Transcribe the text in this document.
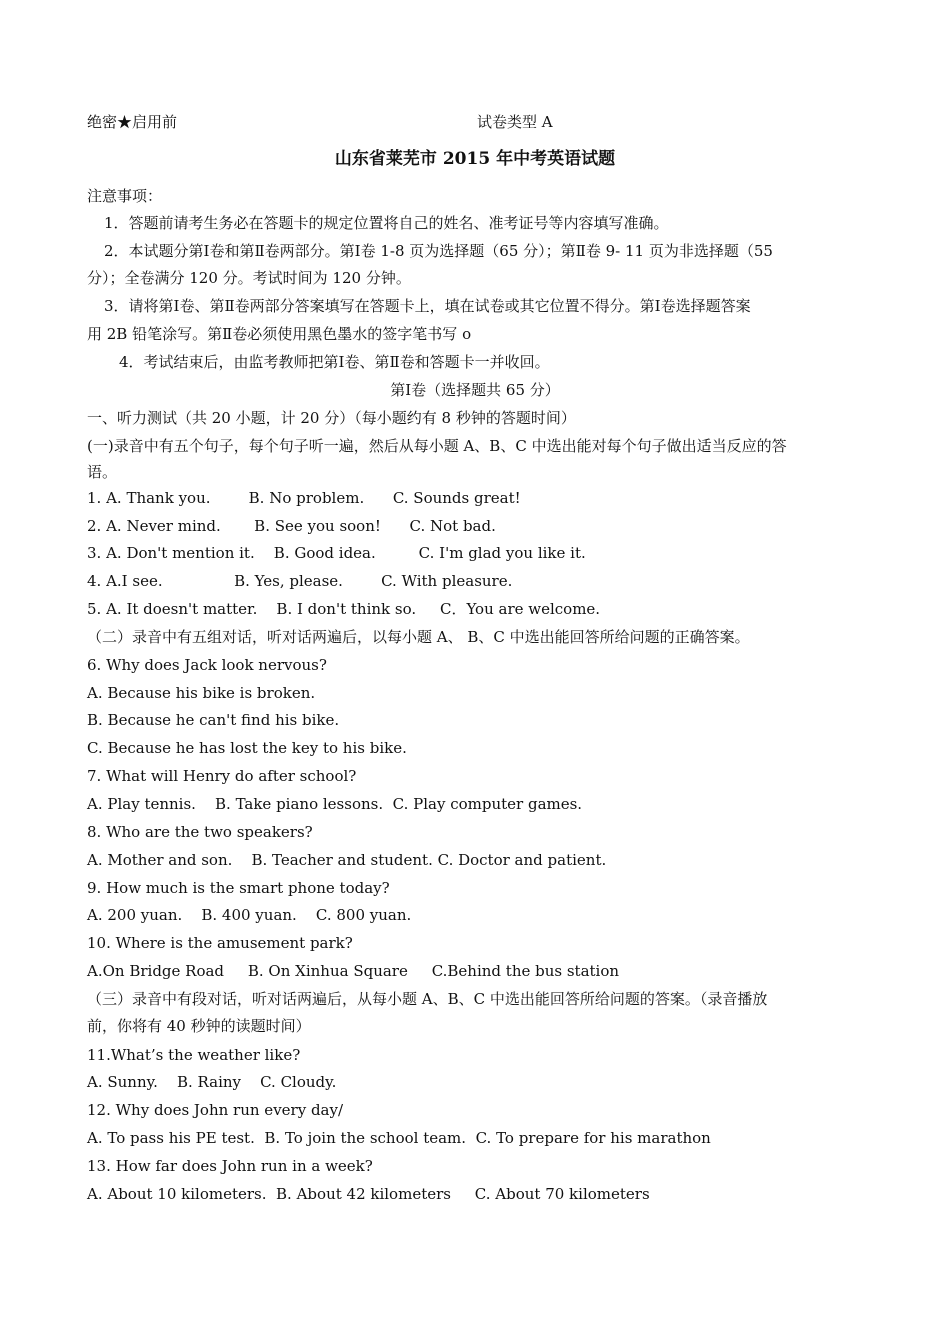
绝密★启用前	试卷类型 A
山东省莱芜市 2015 年中考英语试题
注意事项：
1．答题前请考生务必在答题卡的规定位置将自己的姓名、准考证号等内容填写准确。
2．本试题分第Ⅰ卷和第Ⅱ卷两部分。第Ⅰ卷 1-8 页为选择题（65 分）；第Ⅱ卷 9- 11 页为非选择题（55
分）；全卷满分 120 分。考试时间为 120 分钟。
3．请将第Ⅰ卷、第Ⅱ卷两部分答案填写在答题卡上，填在试卷或其它位置不得分。第Ⅰ卷选择题答案
用 2B 铅笔涂写。第Ⅱ卷必须使用黑色墨水的签字笔书写 o
4．考试结束后，由监考教师把第Ⅰ卷、第Ⅱ卷和答题卡一并收回。
第Ⅰ卷（选择题共 65 分）
一、听力测试（共 20 小题，计 20 分）（每小题约有 8 秒钟的答题时间）
(一)录音中有五个句子，每个句子听一遍，然后从每小题 A、B、C 中选出能对每个句子做出适当反应的答
语。
1. A. Thank you.        B. No problem.      C. Sounds great!
2. A. Never mind.       B. See you soon!      C. Not bad.
3. A. Don't mention it.    B. Good idea.         C. I'm glad you like it.
4. A.I see.               B. Yes, please.        C. With pleasure.
5. A. It doesn't matter.    B. I don't think so.     C．You are welcome.
（二）录音中有五组对话，听对话两遍后，以每小题 A、 B、C 中选出能回答所给问题的正确答案。
6. Why does Jack look nervous?
A. Because his bike is broken.
B. Because he can't find his bike.
C. Because he has lost the key to his bike.
7. What will Henry do after school?
A. Play tennis.    B. Take piano lessons.  C. Play computer games.
8. Who are the two speakers?
A. Mother and son.    B. Teacher and student. C. Doctor and patient.
9. How much is the smart phone today?
A. 200 yuan.    B. 400 yuan.    C. 800 yuan.
10. Where is the amusement park?
A.On Bridge Road     B. On Xinhua Square     C.Behind the bus station
（三）录音中有段对话，听对话两遍后，从每小题 A、B、C 中选出能回答所给问题的答案。（录音播放
前，你将有 40 秒钟的读题时间）
11.What’s the weather like?
A. Sunny.    B. Rainy    C. Cloudy.
12. Why does John run every day/
A. To pass his PE test.  B. To join the school team.  C. To prepare for his marathon
13. How far does John run in a week?
A. About 10 kilometers.  B. About 42 kilometers     C. About 70 kilometers
